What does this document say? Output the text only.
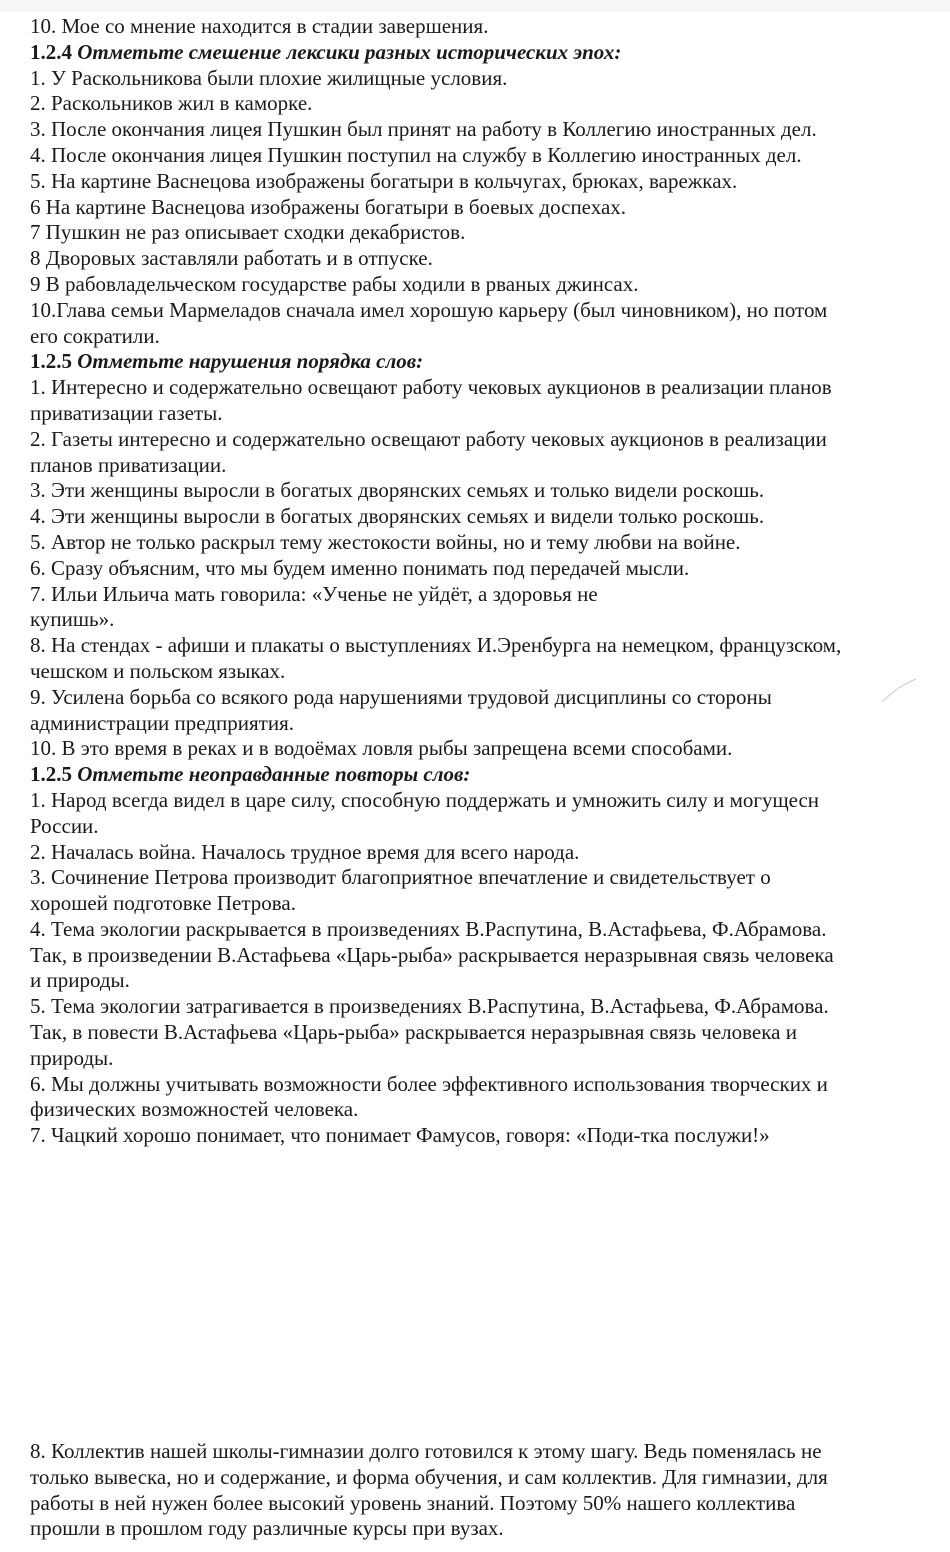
10. Мое со мнение находится в стадии завершения.
1.2.4 Отметьте смешение лексики разных исторических эпох:
1. У Раскольникова были плохие жилищные условия.
2. Раскольников жил в каморке.
3. После окончания лицея Пушкин был принят на работу в Коллегию иностранных дел.
4. После окончания лицея Пушкин поступил на службу в Коллегию иностранных дел.
5. На картине Васнецова изображены богатыри в кольчугах, брюках, варежках.
6 На картине Васнецова изображены богатыри в боевых доспехах.
7 Пушкин не раз описывает сходки декабристов.
8 Дворовых заставляли работать и в отпуске.
9 В рабовладельческом государстве рабы ходили в рваных джинсах.
10.Глава семьи Мармеладов сначала имел хорошую карьеру (был чиновником), но потом
его сократили.
1.2.5 Отметьте нарушения порядка слов:
1. Интересно и содержательно освещают работу чековых аукционов в реализации планов
приватизации газеты.
2. Газеты интересно и содержательно освещают работу чековых аукционов в реализации
планов приватизации.
3. Эти женщины выросли в богатых дворянских семьях и только видели роскошь.
4. Эти женщины выросли в богатых дворянских семьях и видели только роскошь.
5. Автор не только раскрыл тему жестокости войны, но и тему любви на войне.
6. Сразу объясним, что мы будем именно понимать под передачей мысли.
7. Ильи Ильича мать говорила: «Ученье не уйдёт, а здоровья не
купишь».
8. На стендах - афиши и плакаты о выступлениях И.Эренбурга на немецком, французском,
чешском и польском языках.
9. Усилена борьба со всякого рода нарушениями трудовой дисциплины со стороны
администрации предприятия.
10. В это время в реках и в водоёмах ловля рыбы запрещена всеми способами.
1.2.5 Отметьте неоправданные повторы слов:
1. Народ всегда видел в царе силу, способную поддержать и умножить силу и могущесн
России.
2. Началась война. Началось трудное время для всего народа.
3. Сочинение Петрова производит благоприятное впечатление и свидетельствует о
хорошей подготовке Петрова.
4. Тема экологии раскрывается в произведениях В.Распутина, В.Астафьева, Ф.Абрамова.
Так, в произведении В.Астафьева «Царь-рыба» раскрывается неразрывная связь человека
и природы.
5. Тема экологии затрагивается в произведениях В.Распутина, В.Астафьева, Ф.Абрамова.
Так, в повести В.Астафьева «Царь-рыба» раскрывается неразрывная связь человека и
природы.
6. Мы должны учитывать возможности более эффективного использования творческих и
физических возможностей человека.
7. Чацкий хорошо понимает, что понимает Фамусов, говоря: «Поди-тка послужи!»
8. Коллектив нашей школы-гимназии долго готовился к этому шагу. Ведь поменялась не
только вывеска, но и содержание, и форма обучения, и сам коллектив. Для гимназии, для
работы в ней нужен более высокий уровень знаний. Поэтому 50% нашего коллектива
прошли в прошлом году различные курсы при вузах.
